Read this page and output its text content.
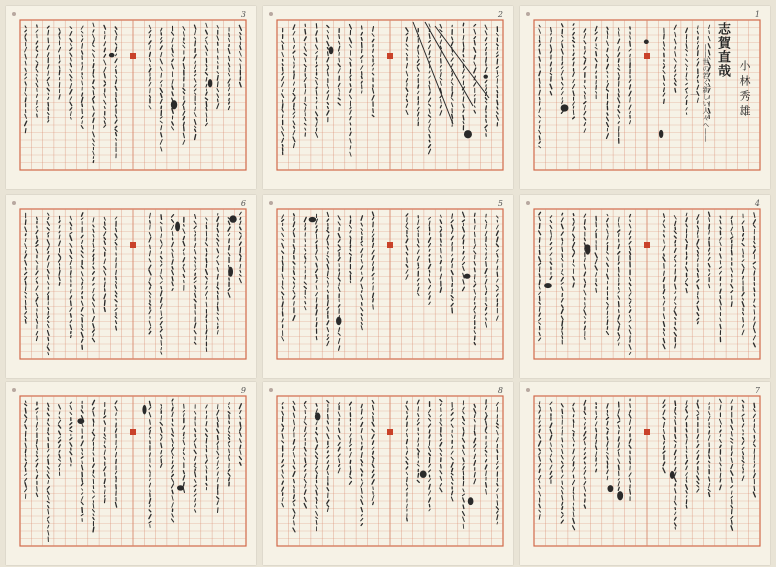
3	2	1
6	5	4
9	8	7
志賀直哉
小林秀雄
——世の若く新しい人々へ——
一
